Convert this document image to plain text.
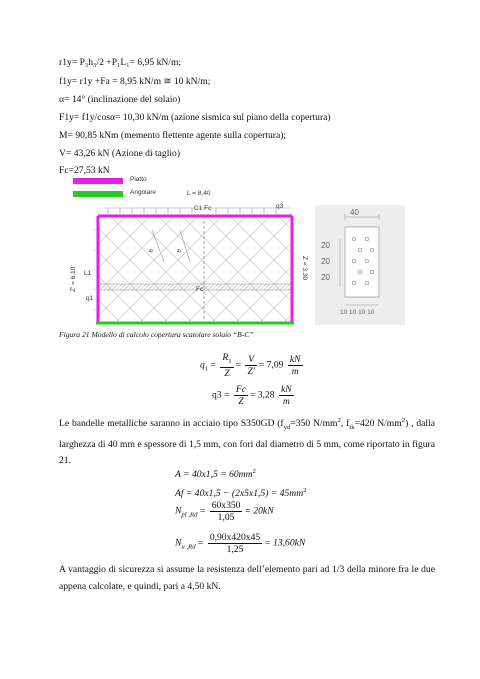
r1y= P₃h₃/2 +P₁L₁= 6,95 kN/m;
f1y= r1y +Fa = 8,95 kN/m ≅ 10 kN/m;
α= 14° (inclinazione del solaio)
F1y= f1y/cosα= 10,30 kN/m (azione sismica sul piano della copertura)
M= 90,85 kNm (memento flettente agente sulla copertura);
V= 43,26 kN (Azione di taglio)
Fc=27,53 kN
Piatto
Angolare	L = 8,40
C1 Fc	q3
Z' = 6,10 L1
q1
Fc
Z = 3,30
B	B
40
20
20
20
10 10 10 10
Figura 21 Modello di calcolo copertura scatolare solaio “B-C”
$q_1 = \frac{R_1}{Z} = \frac{V}{Z'} = 7,09 \frac{kN}{m}$
$q3 = \frac{Fc}{Z} = 3,28 \frac{kN}{m}$
Le bandelle metalliche saranno in acciaio tipo S350GD ($f_{yd}=350$ $N/mm^2$, $f_{tk}=420$ $N/mm^2$) , dalla larghezza di 40 mm e spessore di 1,5 mm, con fori dal diametro di 5 mm, come riportato in figura 21.
$A = 40x1,5 = 60mm^2$
$Af = 40x1,5 - (2x5x1,5) = 45mm^2$
$N_{pl ,Rd} = \frac{60x350}{1,05} = 20kN$
$N_{u ,Rd} = \frac{0,90x420x45}{1,25} = 13,60kN$
A vantaggio di sicurezza si assume la resistenza dell’elemento pari ad 1/3 della minore fra le due appena calcolate, e quindi, pari a 4,50 kN.
